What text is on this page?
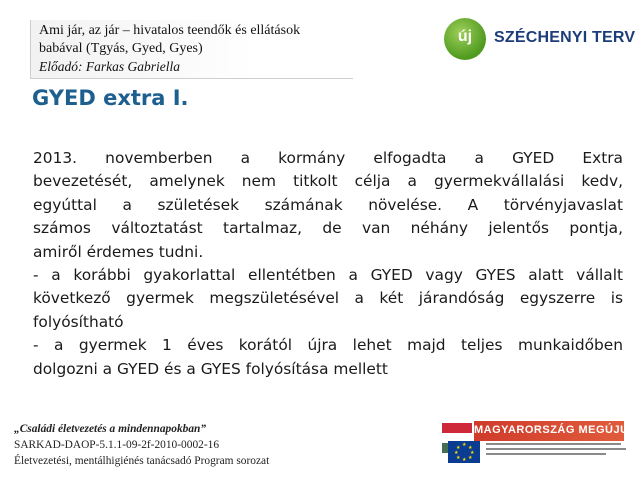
Ami jár, az jár – hivatalos teendők és ellátások
babával (Tgyás, Gyed, Gyes)
Előadó: Farkas Gabriella
új	SZÉCHENYI TERV
GYED extra I.
2013. novemberben a kormány elfogadta a GYED Extra
bevezetését, amelynek nem titkolt célja a gyermekvállalási kedv,
egyúttal a születések számának növelése. A törvényjavaslat
számos változtatást tartalmaz, de van néhány jelentős pontja,
amiről érdemes tudni.
- a korábbi gyakorlattal ellentétben a GYED vagy GYES alatt vállalt
következő gyermek megszületésével a két járandóság egyszerre is
folyósítható
- a gyermek 1 éves korától újra lehet majd teljes munkaidőben
dolgozni a GYED és a GYES folyósítása mellett
„Családi életvezetés a mindennapokban”
SARKAD-DAOP-5.1.1-09-2f-2010-0002-16
Életvezetési, mentálhigiénés tanácsadó Program sorozat
MAGYARORSZÁG MEGÚJUL
★
★
★
★
★
★
★
★
